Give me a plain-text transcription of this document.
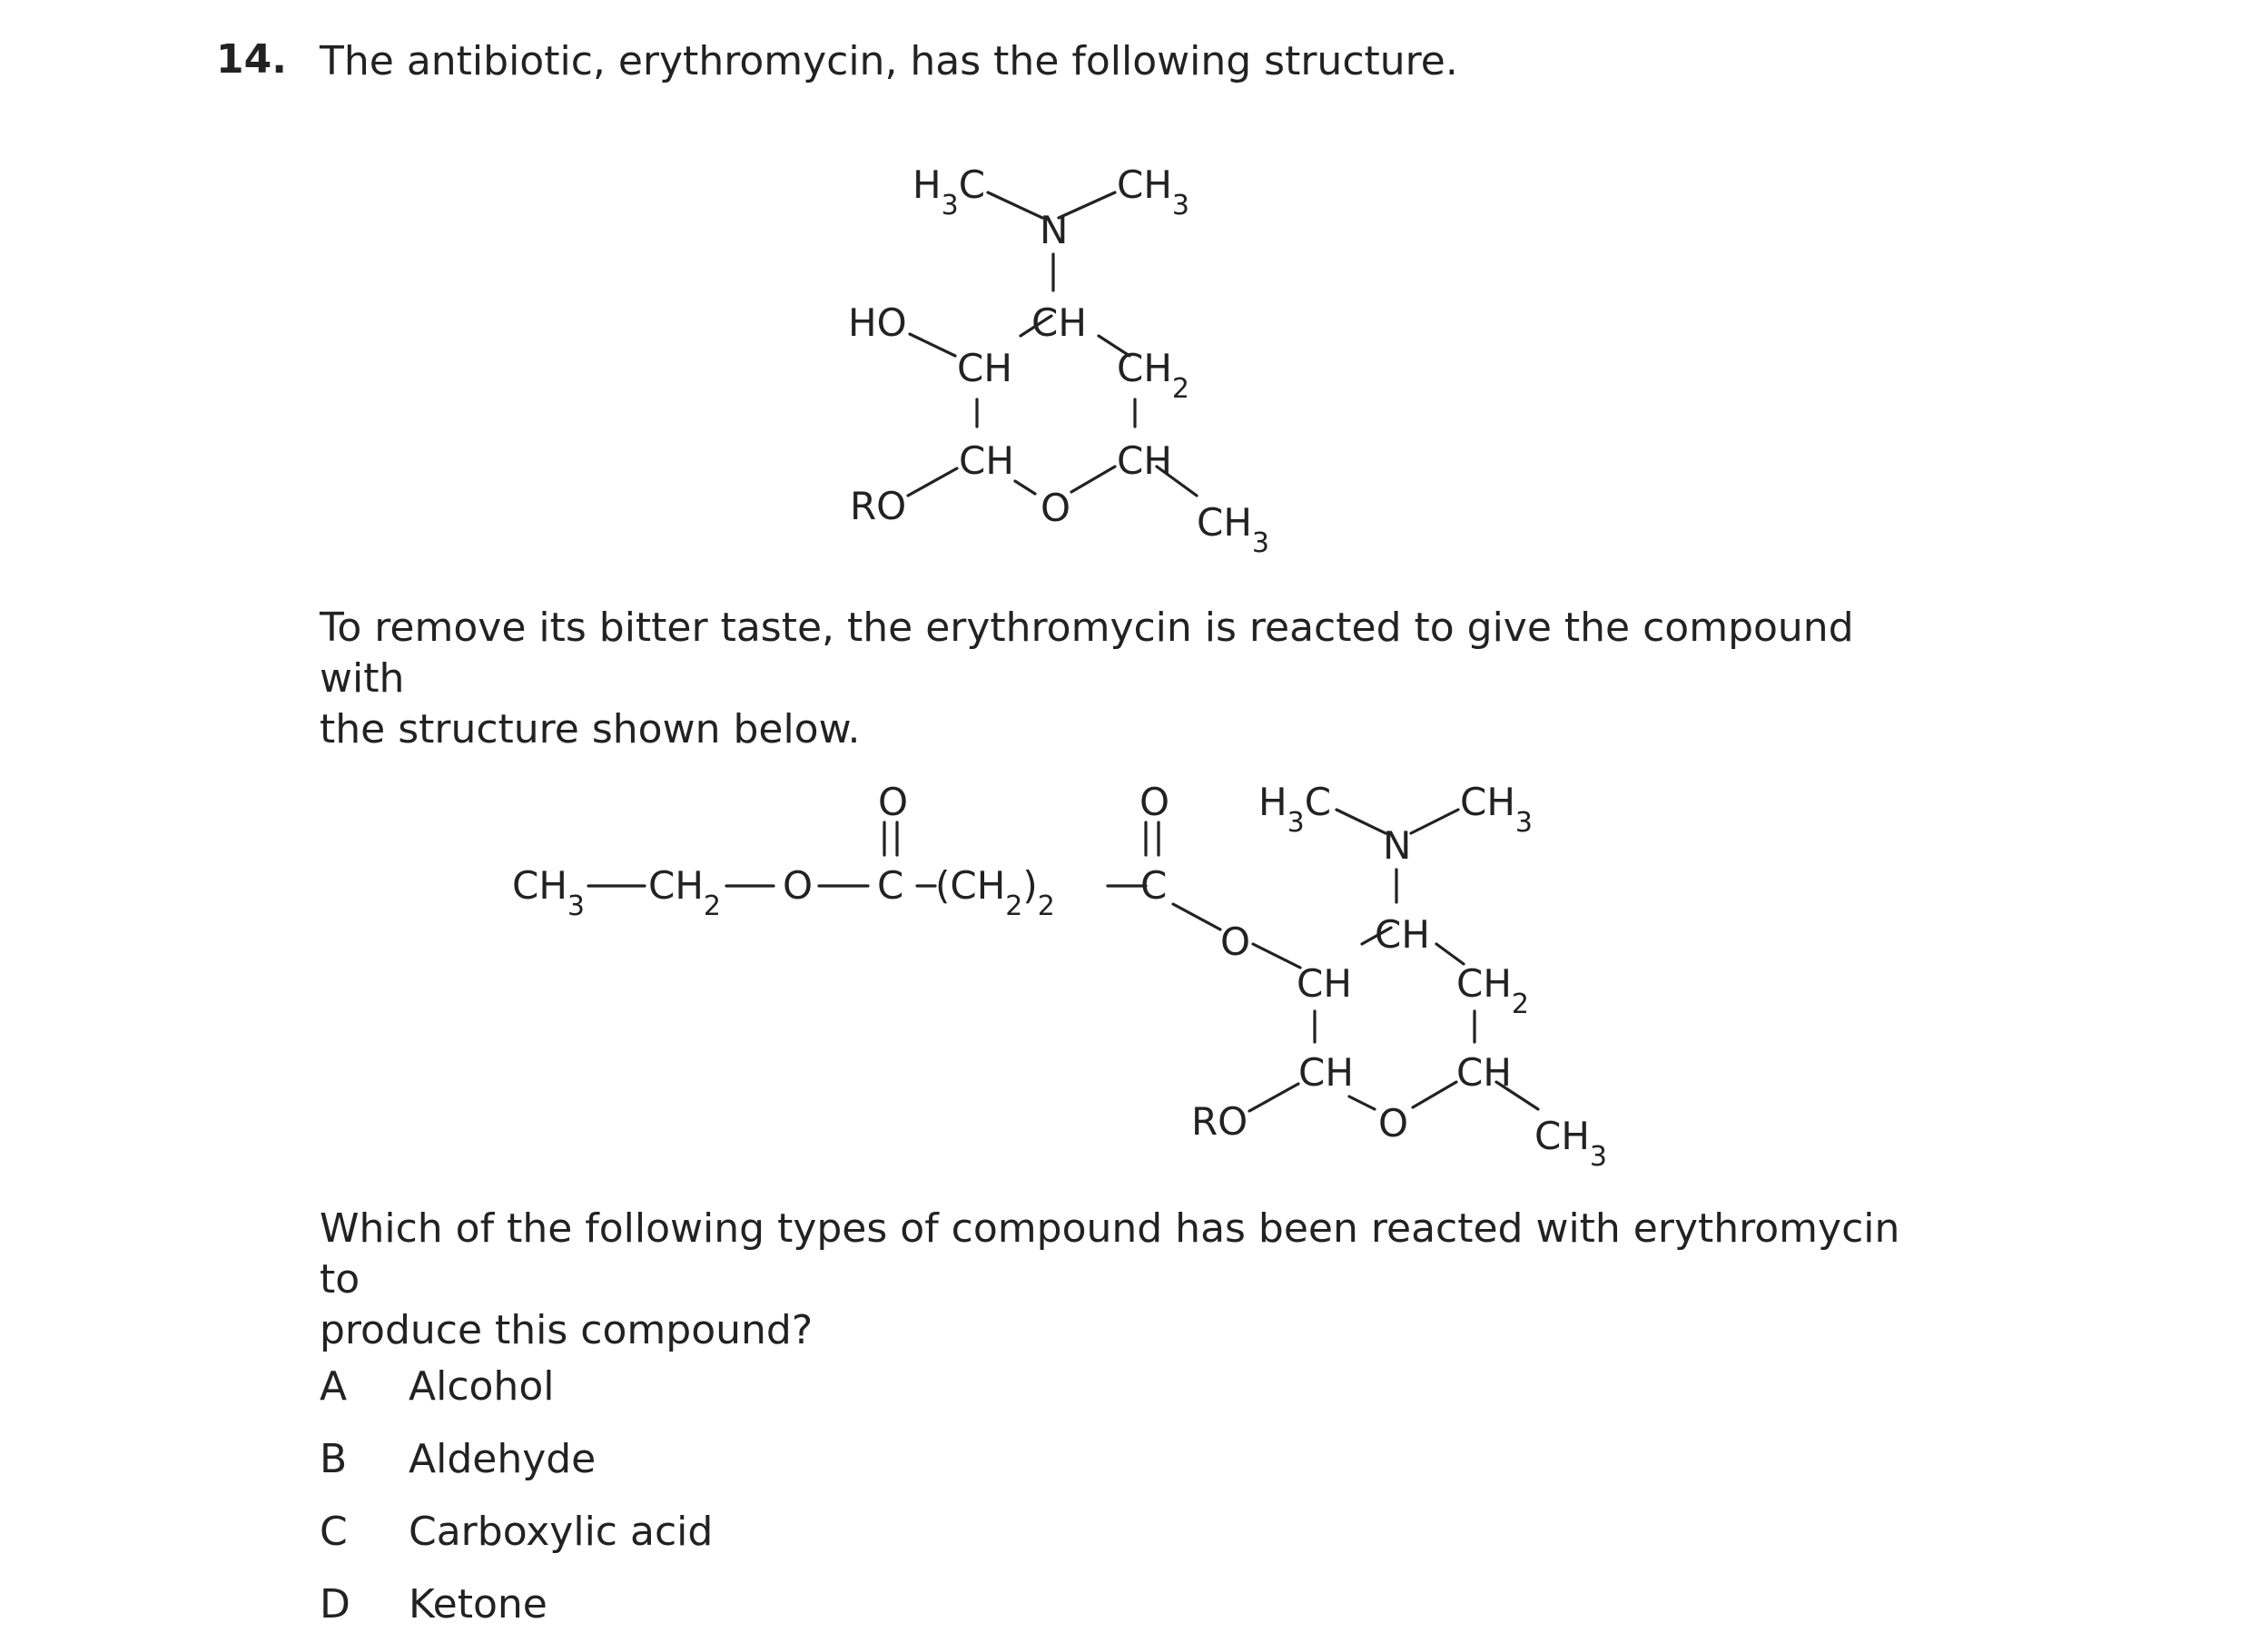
14. The antibiotic, erythromycin, has the following structure.
$H_3C$	$CH_3$
N
CH
HO
CH	$CH_2$
CH	CH
RO	O	$CH_3$
$CH_3$ $CH_2$ O
O
C $(CH_2)_2$
O
C
O
$H_3C$	$CH_3$
N
CH
CH	$CH_2$
CH	CH
RO	O	$CH_3$
To remove its bitter taste, the erythromycin is reacted to give the compound with
the structure shown below.
Which of the following types of compound has been reacted with erythromycin to
produce this compound?
A	Alcohol
B	Aldehyde
C	Carboxylic acid
D	Ketone
